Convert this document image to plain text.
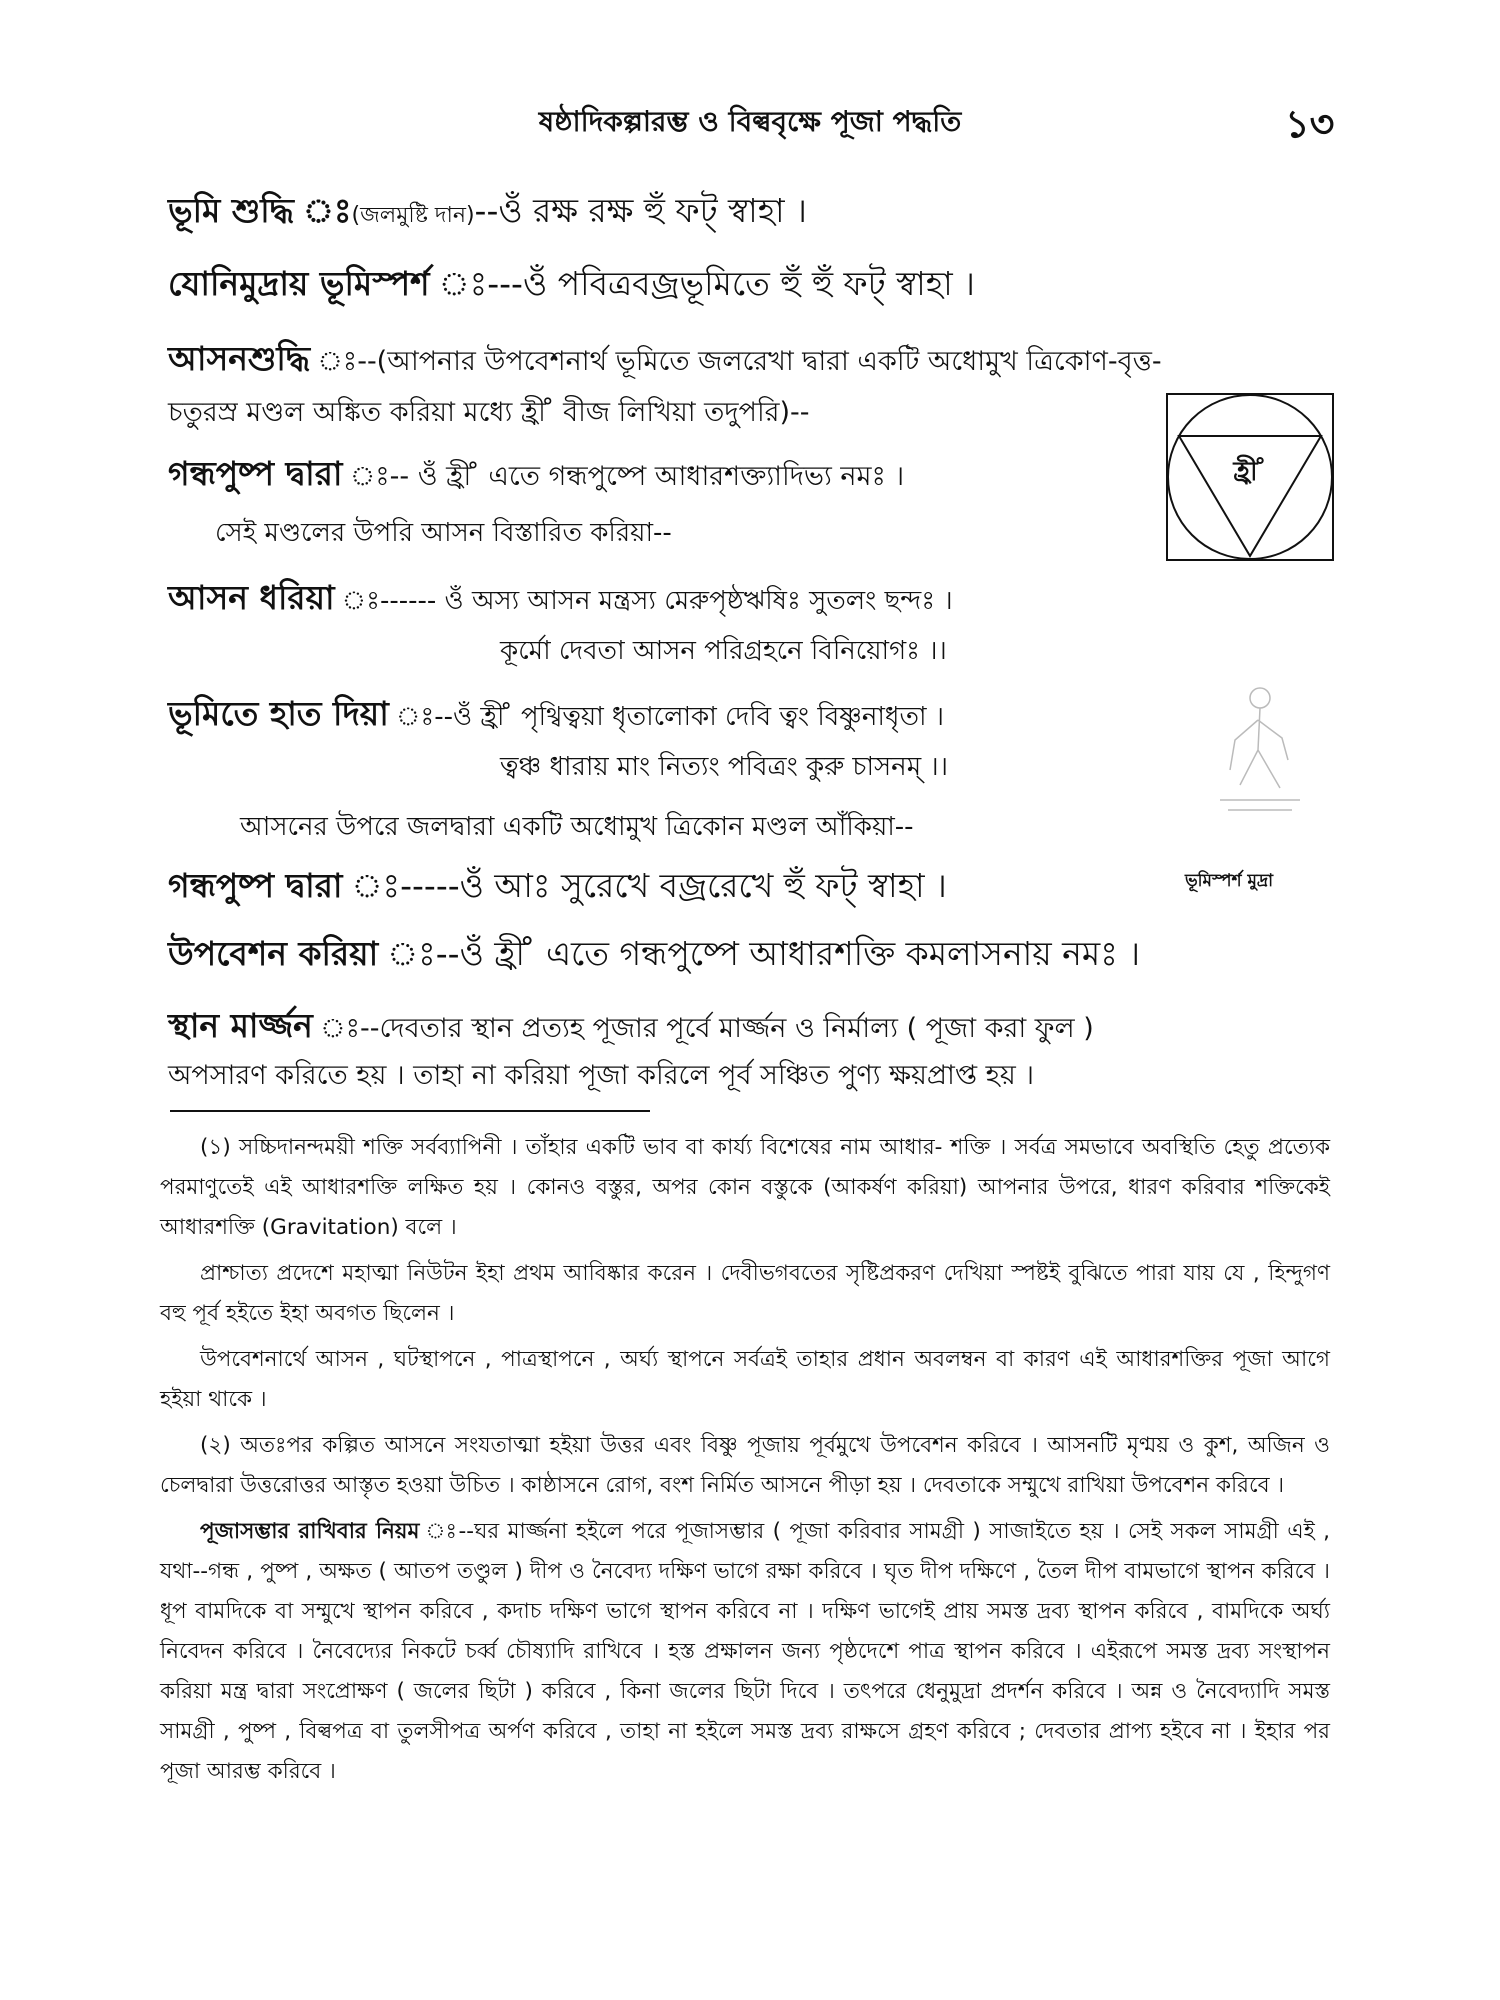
ষষ্ঠাদিকল্পারম্ভ ও বিল্ববৃক্ষে পূজা পদ্ধতি	১৩
ভূমি শুদ্ধি ঃ(জলমুষ্টি দান)--ওঁ রক্ষ রক্ষ হুঁ ফট্ স্বাহা ।
যোনিমুদ্রায় ভূমিস্পর্শ ঃ---ওঁ পবিত্রবজ্রভূমিতে হুঁ হুঁ ফট্ স্বাহা ।
আসনশুদ্ধি ঃ--(আপনার উপবেশনার্থ ভূমিতে জলরেখা দ্বারা একটি অধোমুখ ত্রিকোণ-বৃত্ত-
চতুরস্র মণ্ডল অঙ্কিত করিয়া মধ্যে হ্রী ̊ বীজ লিখিয়া তদুপরি)--
গন্ধপুষ্প দ্বারা ঃ-- ওঁ হ্রী ̊ এতে গন্ধপুষ্পে আধারশক্ত্যাদিভ্য নমঃ ।
সেই মণ্ডলের উপরি আসন বিস্তারিত করিয়া--
আসন ধরিয়া ঃ------ ওঁ অস্য আসন মন্ত্রস্য মেরুপৃষ্ঠঋষিঃ সুতলং ছন্দঃ ।
কূর্মো দেবতা আসন পরিগ্রহনে বিনিয়োগঃ ।।
ভূমিতে হাত দিয়া ঃ--ওঁ হ্রী ̊ পৃথ্বিত্বয়া ধৃতালোকা দেবি ত্বং বিষ্ণুনাধৃতা ।
ত্বঞ্চ ধারায় মাং নিত্যং পবিত্রং কুরু চাসনম্ ।।
আসনের উপরে জলদ্বারা একটি অধোমুখ ত্রিকোন মণ্ডল আঁকিয়া--
গন্ধপুষ্প দ্বারা ঃ-----ওঁ আঃ সুরেখে বজ্ররেখে হুঁ ফট্ স্বাহা ।
উপবেশন করিয়া ঃ--ওঁ হ্রী ̊ এতে গন্ধপুষ্পে আধারশক্তি কমলাসনায় নমঃ ।
স্থান মার্জ্জন ঃ--দেবতার স্থান প্রত্যহ পূজার পূর্বে মার্জ্জন ও নির্মাল্য ( পূজা করা ফুল )
অপসারণ করিতে হয় । তাহা না করিয়া পূজা করিলে পূর্ব সঞ্চিত পুণ্য ক্ষয়প্রাপ্ত হয় ।
হ্রী ̊
ভূমিস্পর্শ মুদ্রা

(১) সচ্চিদানন্দময়ী শক্তি সর্বব্যাপিনী । তাঁহার একটি ভাব বা কার্য্য বিশেষের নাম আধার- শক্তি । সর্বত্র সমভাবে অবস্থিতি হেতু প্রত্যেক পরমাণুতেই এই আধারশক্তি লক্ষিত হয় । কোনও বস্তুর, অপর কোন বস্তুকে (আকর্ষণ করিয়া) আপনার উপরে, ধারণ করিবার শক্তিকেই আধারশক্তি (Gravitation) বলে ।

প্রাশ্চাত্য প্রদেশে মহাত্মা নিউটন ইহা প্রথম আবিষ্কার করেন । দেবীভগবতের সৃষ্টিপ্রকরণ দেখিয়া স্পষ্টই বুঝিতে পারা যায় যে , হিন্দুগণ বহু পূর্ব হইতে ইহা অবগত ছিলেন ।

উপবেশনার্থে আসন , ঘটস্থাপনে , পাত্রস্থাপনে , অর্ঘ্য স্থাপনে সর্বত্রই তাহার প্রধান অবলম্বন বা কারণ এই আধারশক্তির পূজা আগে হইয়া থাকে ।

(২) অতঃপর কল্পিত আসনে সংযতাত্মা হইয়া উত্তর এবং বিষ্ণু পূজায় পূর্বমুখে উপবেশন করিবে । আসনটি মৃণ্ময় ও কুশ, অজিন ও চেলদ্বারা উত্তরোত্তর আস্তৃত হওয়া উচিত । কাষ্ঠাসনে রোগ, বংশ নির্মিত আসনে পীড়া হয় । দেবতাকে সম্মুখে রাখিয়া উপবেশন করিবে ।

পূজাসম্ভার রাখিবার নিয়ম ঃ--ঘর মার্জ্জনা হইলে পরে পূজাসম্ভার ( পূজা করিবার সামগ্রী ) সাজাইতে হয় । সেই সকল সামগ্রী এই , যথা--গন্ধ , পুষ্প , অক্ষত ( আতপ তণ্ডুল ) দীপ ও নৈবেদ্য দক্ষিণ ভাগে রক্ষা করিবে । ঘৃত দীপ দক্ষিণে , তৈল দীপ বামভাগে স্থাপন করিবে । ধূপ বামদিকে বা সম্মুখে স্থাপন করিবে , কদাচ দক্ষিণ ভাগে স্থাপন করিবে না । দক্ষিণ ভাগেই প্রায় সমস্ত দ্রব্য স্থাপন করিবে , বামদিকে অর্ঘ্য নিবেদন করিবে । নৈবেদ্যের নিকটে চর্ব্ব চৌষ্যাদি রাখিবে । হস্ত প্রক্ষালন জন্য পৃষ্ঠদেশে পাত্র স্থাপন করিবে । এইরূপে সমস্ত দ্রব্য সংস্থাপন করিয়া মন্ত্র দ্বারা সংপ্রোক্ষণ ( জলের ছিটা ) করিবে , কিনা জলের ছিটা দিবে । তৎপরে ধেনুমুদ্রা প্রদর্শন করিবে । অন্ন ও নৈবেদ্যাদি সমস্ত সামগ্রী , পুষ্প , বিল্বপত্র বা তুলসীপত্র অর্পণ করিবে , তাহা না হইলে সমস্ত দ্রব্য রাক্ষসে গ্রহণ করিবে ; দেবতার প্রাপ্য হইবে না । ইহার পর পূজা আরম্ভ করিবে ।
